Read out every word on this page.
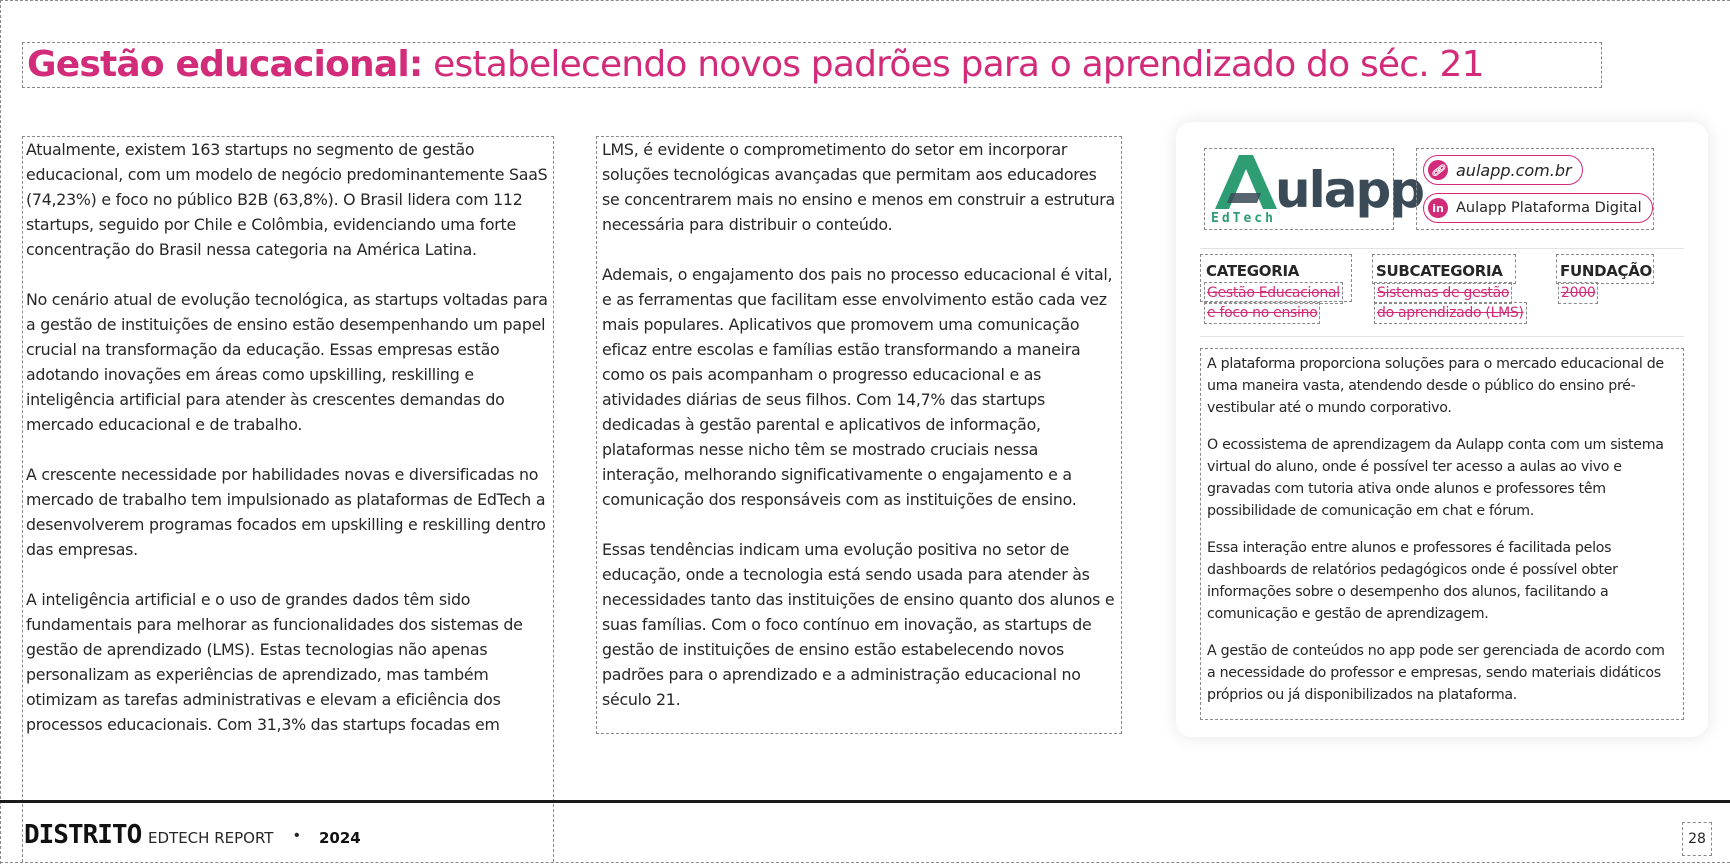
Gestão educacional: estabelecendo novos padrões para o aprendizado do séc. 21

Atualmente, existem 163 startups no segmento de gestão educacional, com um modelo de negócio predominantemente SaaS (74,23%) e foco no público B2B (63,8%). O Brasil lidera com 112 startups, seguido por Chile e Colômbia, evidenciando uma forte concentração do Brasil nessa categoria na América Latina.

No cenário atual de evolução tecnológica, as startups voltadas para a gestão de instituições de ensino estão desempenhando um papel crucial na transformação da educação. Essas empresas estão adotando inovações em áreas como upskilling, reskilling e inteligência artificial para atender às crescentes demandas do mercado educacional e de trabalho.

A crescente necessidade por habilidades novas e diversificadas no mercado de trabalho tem impulsionado as plataformas de EdTech a desenvolverem programas focados em upskilling e reskilling dentro das empresas.

A inteligência artificial e o uso de grandes dados têm sido fundamentais para melhorar as funcionalidades dos sistemas de gestão de aprendizado (LMS). Estas tecnologias não apenas personalizam as experiências de aprendizado, mas também otimizam as tarefas administrativas e elevam a eficiência dos processos educacionais. Com 31,3% das startups focadas em

LMS, é evidente o comprometimento do setor em incorporar soluções tecnológicas avançadas que permitam aos educadores se concentrarem mais no ensino e menos em construir a estrutura necessária para distribuir o conteúdo.

Ademais, o engajamento dos pais no processo educacional é vital, e as ferramentas que facilitam esse envolvimento estão cada vez mais populares. Aplicativos que promovem uma comunicação eficaz entre escolas e famílias estão transformando a maneira como os pais acompanham o progresso educacional e as atividades diárias de seus filhos. Com 14,7% das startups dedicadas à gestão parental e aplicativos de informação, plataformas nesse nicho têm se mostrado cruciais nessa interação, melhorando significativamente o engajamento e a comunicação dos responsáveis com as instituições de ensino.

Essas tendências indicam uma evolução positiva no setor de educação, onde a tecnologia está sendo usada para atender às necessidades tanto das instituições de ensino quanto dos alunos e suas famílias. Com o foco contínuo em inovação, as startups de gestão de instituições de ensino estão estabelecendo novos padrões para o aprendizado e a administração educacional no século 21.

ulapp
EdTech
🔗︎ aulapp.com.br
in Aulapp Plataforma Digital
CATEGORIA
Gestão Educacional
e foco no ensino
SUBCATEGORIA
Sistemas de gestão
do aprendizado (LMS)
FUNDAÇÃO
2000

A plataforma proporciona soluções para o mercado educacional de uma maneira vasta, atendendo desde o público do ensino pré-vestibular até o mundo corporativo.

O ecossistema de aprendizagem da Aulapp conta com um sistema virtual do aluno, onde é possível ter acesso a aulas ao vivo e gravadas com tutoria ativa onde alunos e professores têm possibilidade de comunicação em chat e fórum.

Essa interação entre alunos e professores é facilitada pelos dashboards de relatórios pedagógicos onde é possível obter informações sobre o desempenho dos alunos, facilitando a comunicação e gestão de aprendizagem.

A gestão de conteúdos no app pode ser gerenciada de acordo com a necessidade do professor e empresas, sendo materiais didáticos próprios ou já disponibilizados na plataforma.

DISTRITO EDTECH REPORT • 2024	28
